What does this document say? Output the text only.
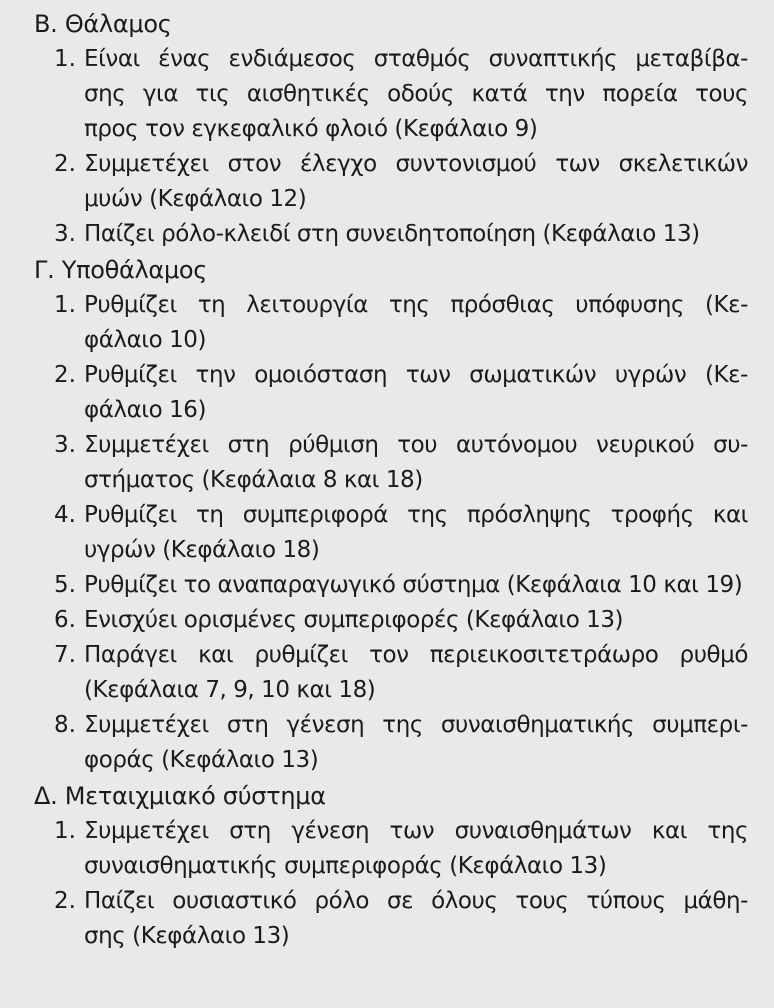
Β. Θάλαμος
1. Είναι ένας ενδιάμεσος σταθμός συναπτικής μεταβίβα-
σης για τις αισθητικές οδούς κατά την πορεία τους
προς τον εγκεφαλικό φλοιό (Κεφάλαιο 9)
2. Συμμετέχει στον έλεγχο συντονισμού των σκελετικών
μυών (Κεφάλαιο 12)
3. Παίζει ρόλο-κλειδί στη συνειδητοποίηση (Κεφάλαιο 13)
Γ. Υποθάλαμος
1. Ρυθμίζει τη λειτουργία της πρόσθιας υπόφυσης (Κε-
φάλαιο 10)
2. Ρυθμίζει την ομοιόσταση των σωματικών υγρών (Κε-
φάλαιο 16)
3. Συμμετέχει στη ρύθμιση του αυτόνομου νευρικού συ-
στήματος (Κεφάλαια 8 και 18)
4. Ρυθμίζει τη συμπεριφορά της πρόσληψης τροφής και
υγρών (Κεφάλαιο 18)
5. Ρυθμίζει το αναπαραγωγικό σύστημα (Κεφάλαια 10 και 19)
6. Ενισχύει ορισμένες συμπεριφορές (Κεφάλαιο 13)
7. Παράγει και ρυθμίζει τον περιεικοσιτετράωρο ρυθμό
(Κεφάλαια 7, 9, 10 και 18)
8. Συμμετέχει στη γένεση της συναισθηματικής συμπερι-
φοράς (Κεφάλαιο 13)
Δ. Μεταιχμιακό σύστημα
1. Συμμετέχει στη γένεση των συναισθημάτων και της
συναισθηματικής συμπεριφοράς (Κεφάλαιο 13)
2. Παίζει ουσιαστικό ρόλο σε όλους τους τύπους μάθη-
σης (Κεφάλαιο 13)
